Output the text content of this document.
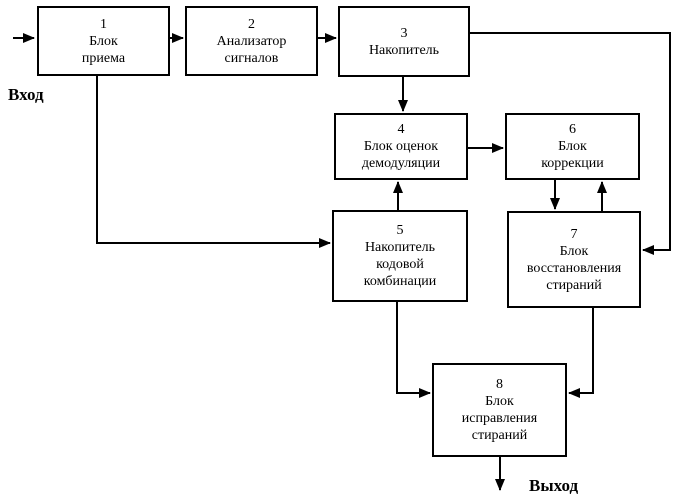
Вход
1
Блок
приема
2
Анализатор
сигналов
3
Накопитель
4
Блок оценок
демодуляции
5
Накопитель
кодовой
комбинации
6
Блок
коррекции
7
Блок
восстановления
стираний
8
Блок
исправления
стираний
Выход
